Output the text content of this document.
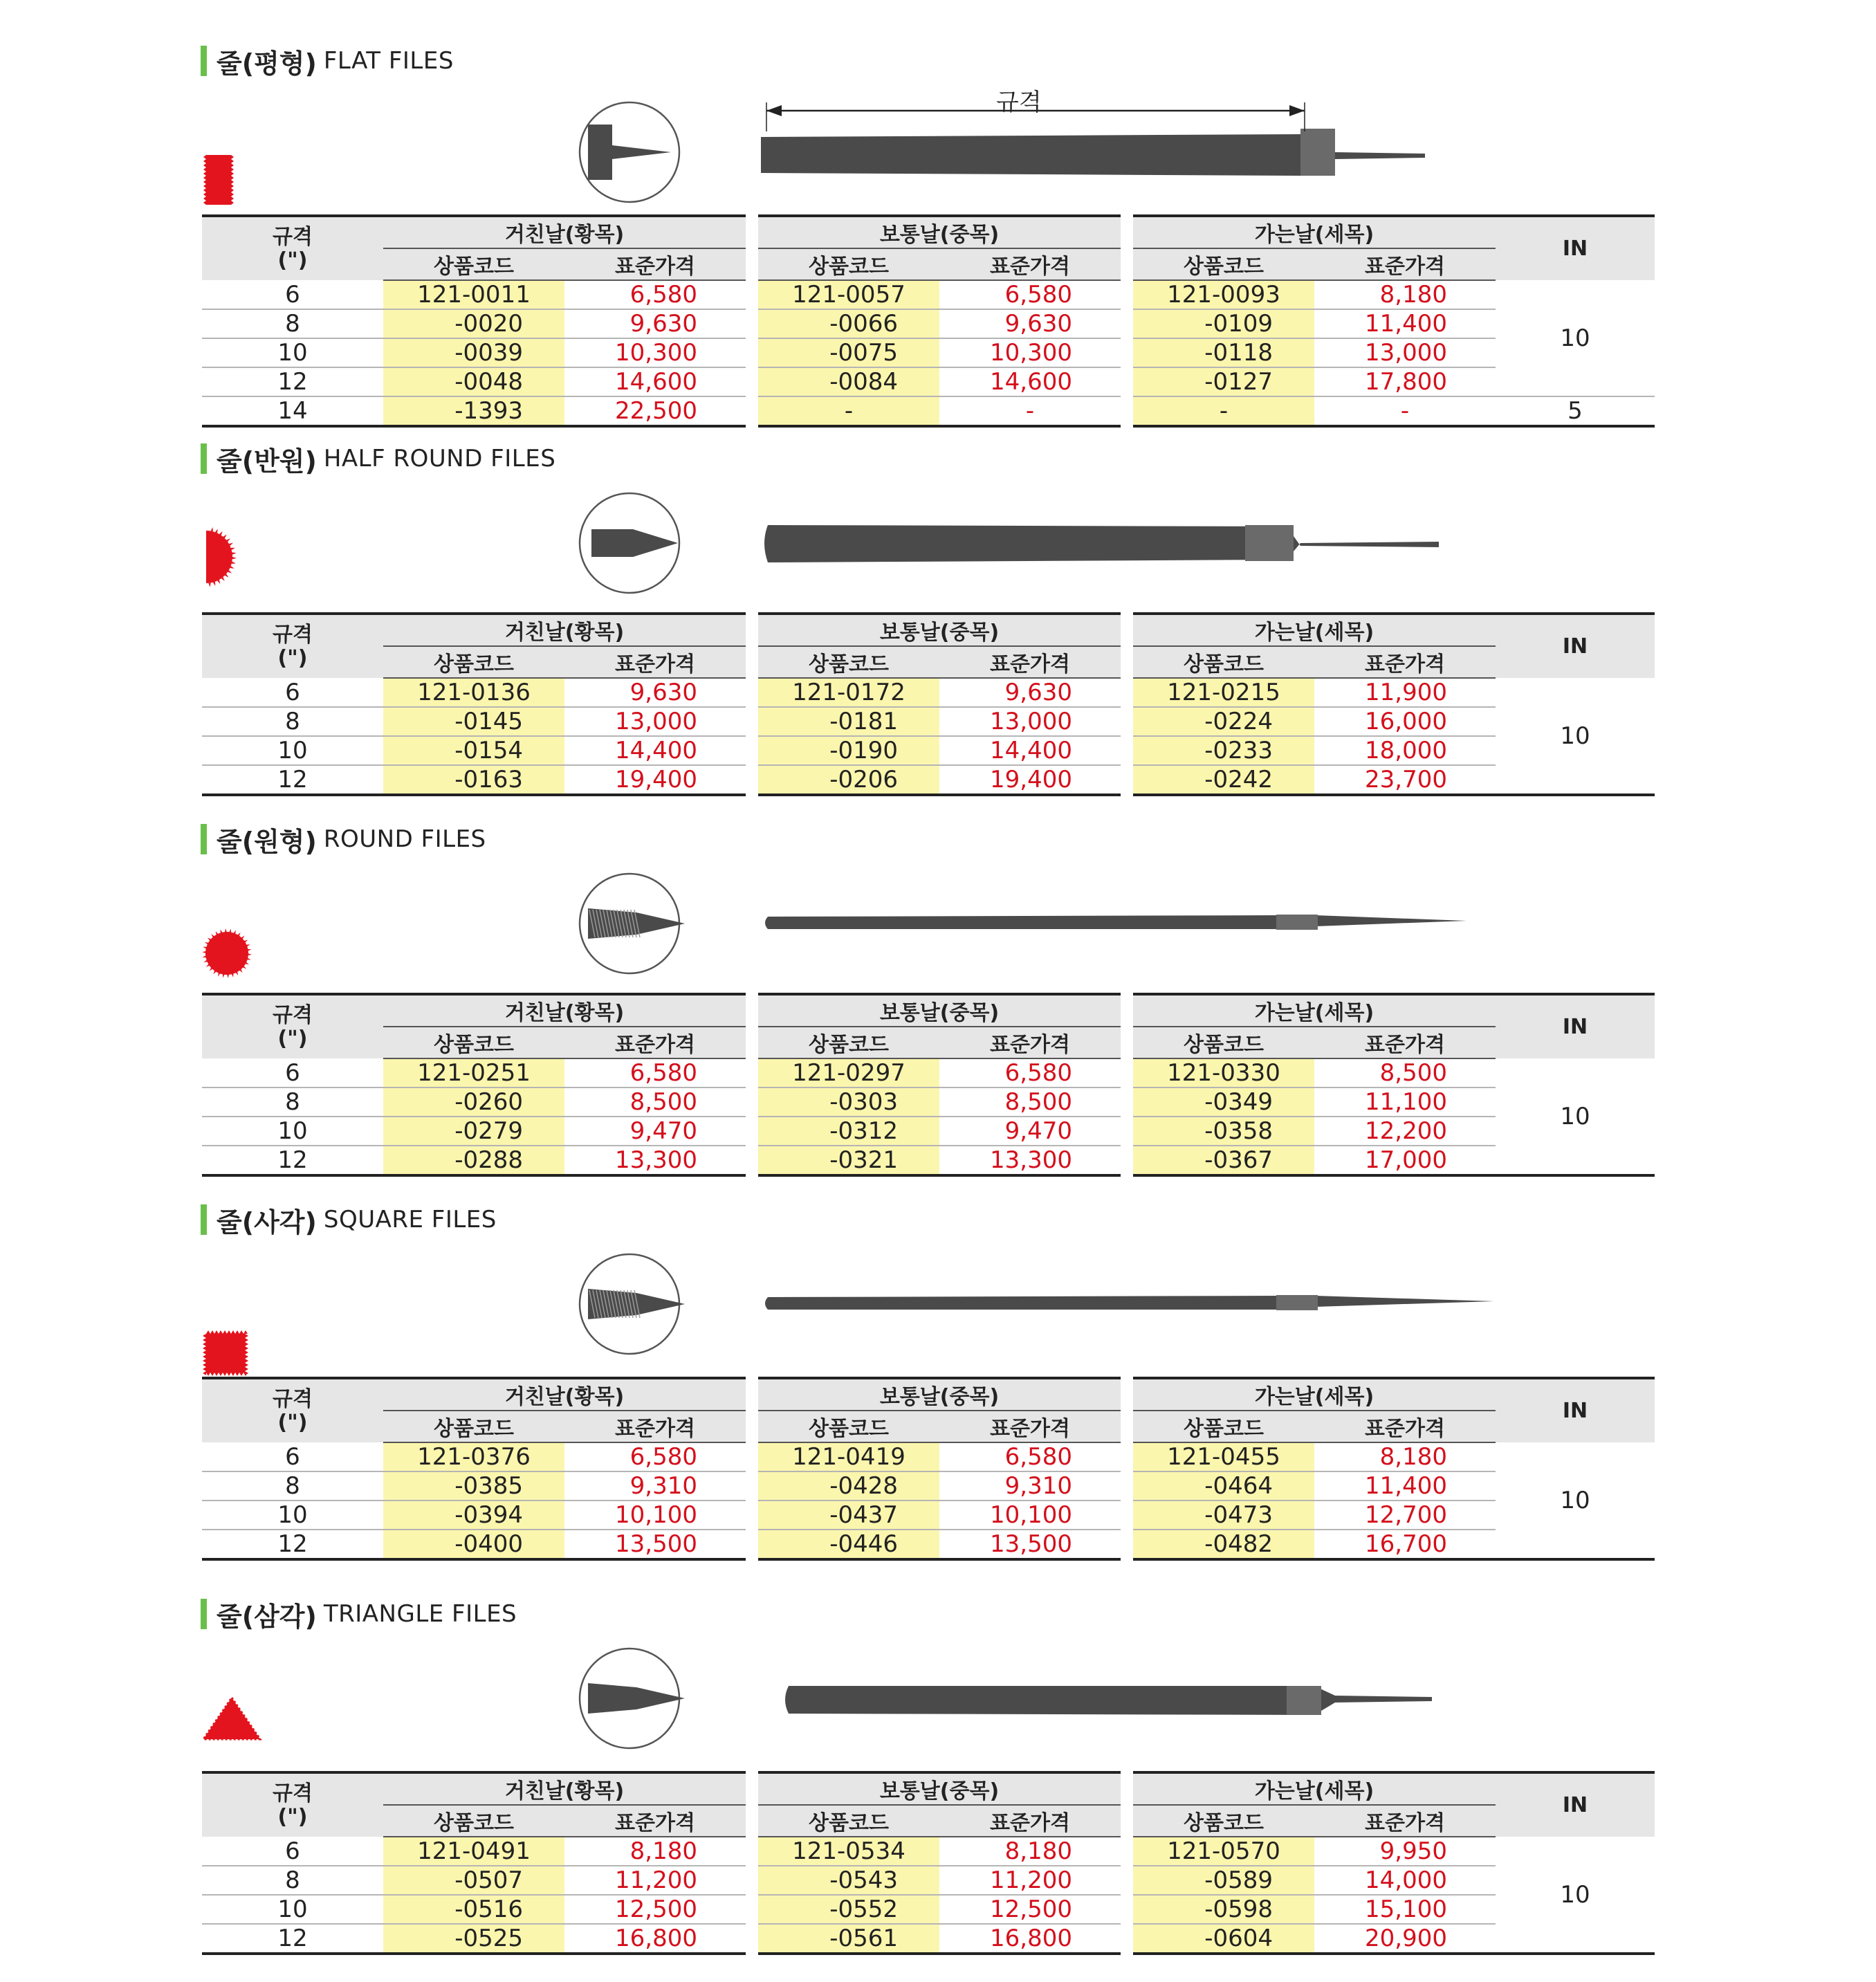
줄(평형) FLAT FILES
규격
규격
(")	거친날(황목)			보통날(중목)			가는날(세목)		IN
	상품코드	표준가격		상품코드	표준가격		상품코드	표준가격	
6	121-0011	6,580		121-0057	6,580		121-0093	8,180	10
8	-0020	9,630		-0066	9,630		-0109	11,400	
10	-0039	10,300		-0075	10,300		-0118	13,000	
12	-0048	14,600		-0084	14,600		-0127	17,800	
14	-1393	22,500		-	-		-	-	5
줄(반원) HALF ROUND FILES
규격
(")	거친날(황목)			보통날(중목)			가는날(세목)		IN
	상품코드	표준가격		상품코드	표준가격		상품코드	표준가격	
6	121-0136	9,630		121-0172	9,630		121-0215	11,900	10
8	-0145	13,000		-0181	13,000		-0224	16,000	
10	-0154	14,400		-0190	14,400		-0233	18,000	
12	-0163	19,400		-0206	19,400		-0242	23,700	
줄(원형) ROUND FILES
규격
(")	거친날(황목)			보통날(중목)			가는날(세목)		IN
	상품코드	표준가격		상품코드	표준가격		상품코드	표준가격	
6	121-0251	6,580		121-0297	6,580		121-0330	8,500	10
8	-0260	8,500		-0303	8,500		-0349	11,100	
10	-0279	9,470		-0312	9,470		-0358	12,200	
12	-0288	13,300		-0321	13,300		-0367	17,000	
줄(사각) SQUARE FILES
규격
(")	거친날(황목)			보통날(중목)			가는날(세목)		IN
	상품코드	표준가격		상품코드	표준가격		상품코드	표준가격	
6	121-0376	6,580		121-0419	6,580		121-0455	8,180	10
8	-0385	9,310		-0428	9,310		-0464	11,400	
10	-0394	10,100		-0437	10,100		-0473	12,700	
12	-0400	13,500		-0446	13,500		-0482	16,700	
줄(삼각) TRIANGLE FILES
규격
(")	거친날(황목)			보통날(중목)			가는날(세목)		IN
	상품코드	표준가격		상품코드	표준가격		상품코드	표준가격	
6	121-0491	8,180		121-0534	8,180		121-0570	9,950	10
8	-0507	11,200		-0543	11,200		-0589	14,000	
10	-0516	12,500		-0552	12,500		-0598	15,100	
12	-0525	16,800		-0561	16,800		-0604	20,900	
